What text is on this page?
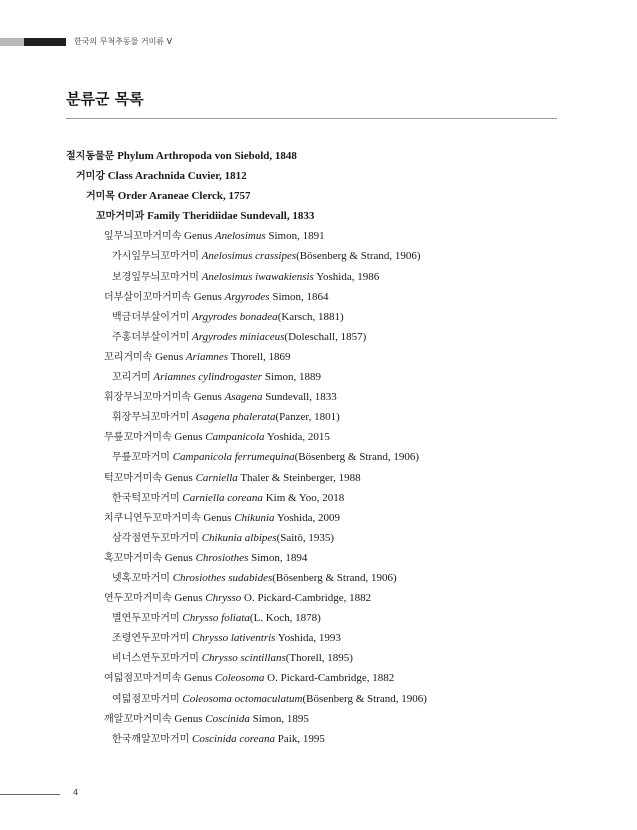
한국의 무척추동물 거미류 V
분류군 목록
절지동물문 Phylum Arthropoda von Siebold, 1848
거미강 Class Arachnida Cuvier, 1812
거미목 Order Araneae Clerck, 1757
꼬마거미과 Family Theridiidae Sundevall, 1833
잎무늬꼬마거미속 Genus Anelosimus Simon, 1891
가시잎무늬꼬마거미 Anelosimus crassipes(Bösenberg & Strand, 1906)
보경잎무늬꼬마거미 Anelosimus iwawakiensis Yoshida, 1986
더부살이꼬마거미속 Genus Argyrodes Simon, 1864
백금더부살이거미 Argyrodes bonadea(Karsch, 1881)
주홍더부살이거미 Argyrodes miniaceus(Doleschall, 1857)
꼬리거미속 Genus Ariamnes Thorell, 1869
꼬리거미 Ariamnes cylindrogaster Simon, 1889
휘장무늬꼬마거미속 Genus Asagena Sundevall, 1833
휘장무늬꼬마거미 Asagena phalerata(Panzer, 1801)
무릎꼬마거미속 Genus Campanicola Yoshida, 2015
무릎꼬마거미 Campanicola ferrumequina(Bösenberg & Strand, 1906)
턱꼬마거미속 Genus Carniella Thaler & Steinberger, 1988
한국턱꼬마거미 Carniella coreana Kim & Yoo, 2018
치쿠니연두꼬마거미속 Genus Chikunia Yoshida, 2009
삼각점연두꼬마거미 Chikunia albipes(Saitō, 1935)
혹꼬마거미속 Genus Chrosiothes Simon, 1894
넷혹꼬마거미 Chrosiothes sudabides(Bösenberg & Strand, 1906)
연두꼬마거미속 Genus Chrysso O. Pickard-Cambridge, 1882
별연두꼬마거미 Chrysso foliata(L. Koch, 1878)
조령연두꼬마거미 Chrysso lativentris Yoshida, 1993
비너스연두꼬마거미 Chrysso scintillans(Thorell, 1895)
여덟점꼬마거미속 Genus Coleosoma O. Pickard-Cambridge, 1882
여덟점꼬마거미 Coleosoma octomaculatum(Bösenberg & Strand, 1906)
깨알꼬마거미속 Genus Coscinida Simon, 1895
한국깨알꼬마거미 Coscinida coreana Paik, 1995
4
